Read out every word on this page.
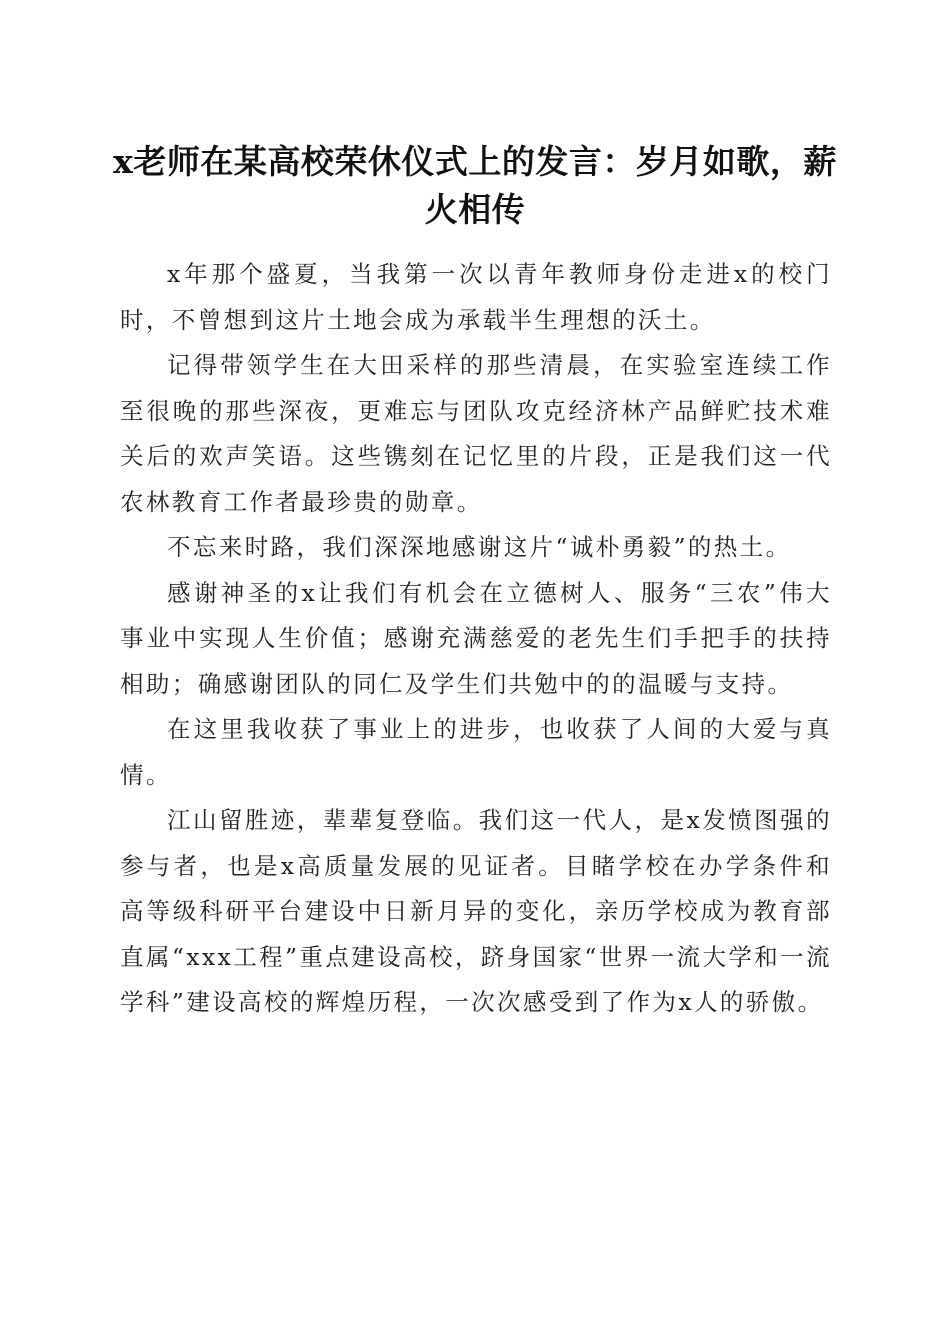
x老师在某高校荣休仪式上的发言：岁月如歌，薪火相传

x年那个盛夏，当我第一次以青年教师身份走进x的校门时，不曾想到这片土地会成为承载半生理想的沃土。

记得带领学生在大田采样的那些清晨，在实验室连续工作至很晚的那些深夜，更难忘与团队攻克经济林产品鲜贮技术难关后的欢声笑语。这些镌刻在记忆里的片段，正是我们这一代农林教育工作者最珍贵的勋章。

不忘来时路，我们深深地感谢这片“诚朴勇毅”的热土。

感谢神圣的x让我们有机会在立德树人、服务“三农”伟大事业中实现人生价值；感谢充满慈爱的老先生们手把手的扶持相助；确感谢团队的同仁及学生们共勉中的的温暖与支持。

在这里我收获了事业上的进步，也收获了人间的大爱与真情。

江山留胜迹，辈辈复登临。我们这一代人，是x发愤图强的参与者，也是x高质量发展的见证者。目睹学校在办学条件和高等级科研平台建设中日新月异的变化，亲历学校成为教育部直属“xxx工程”重点建设高校，跻身国家“世界一流大学和一流学科”建设高校的辉煌历程，一次次感受到了作为x人的骄傲。
